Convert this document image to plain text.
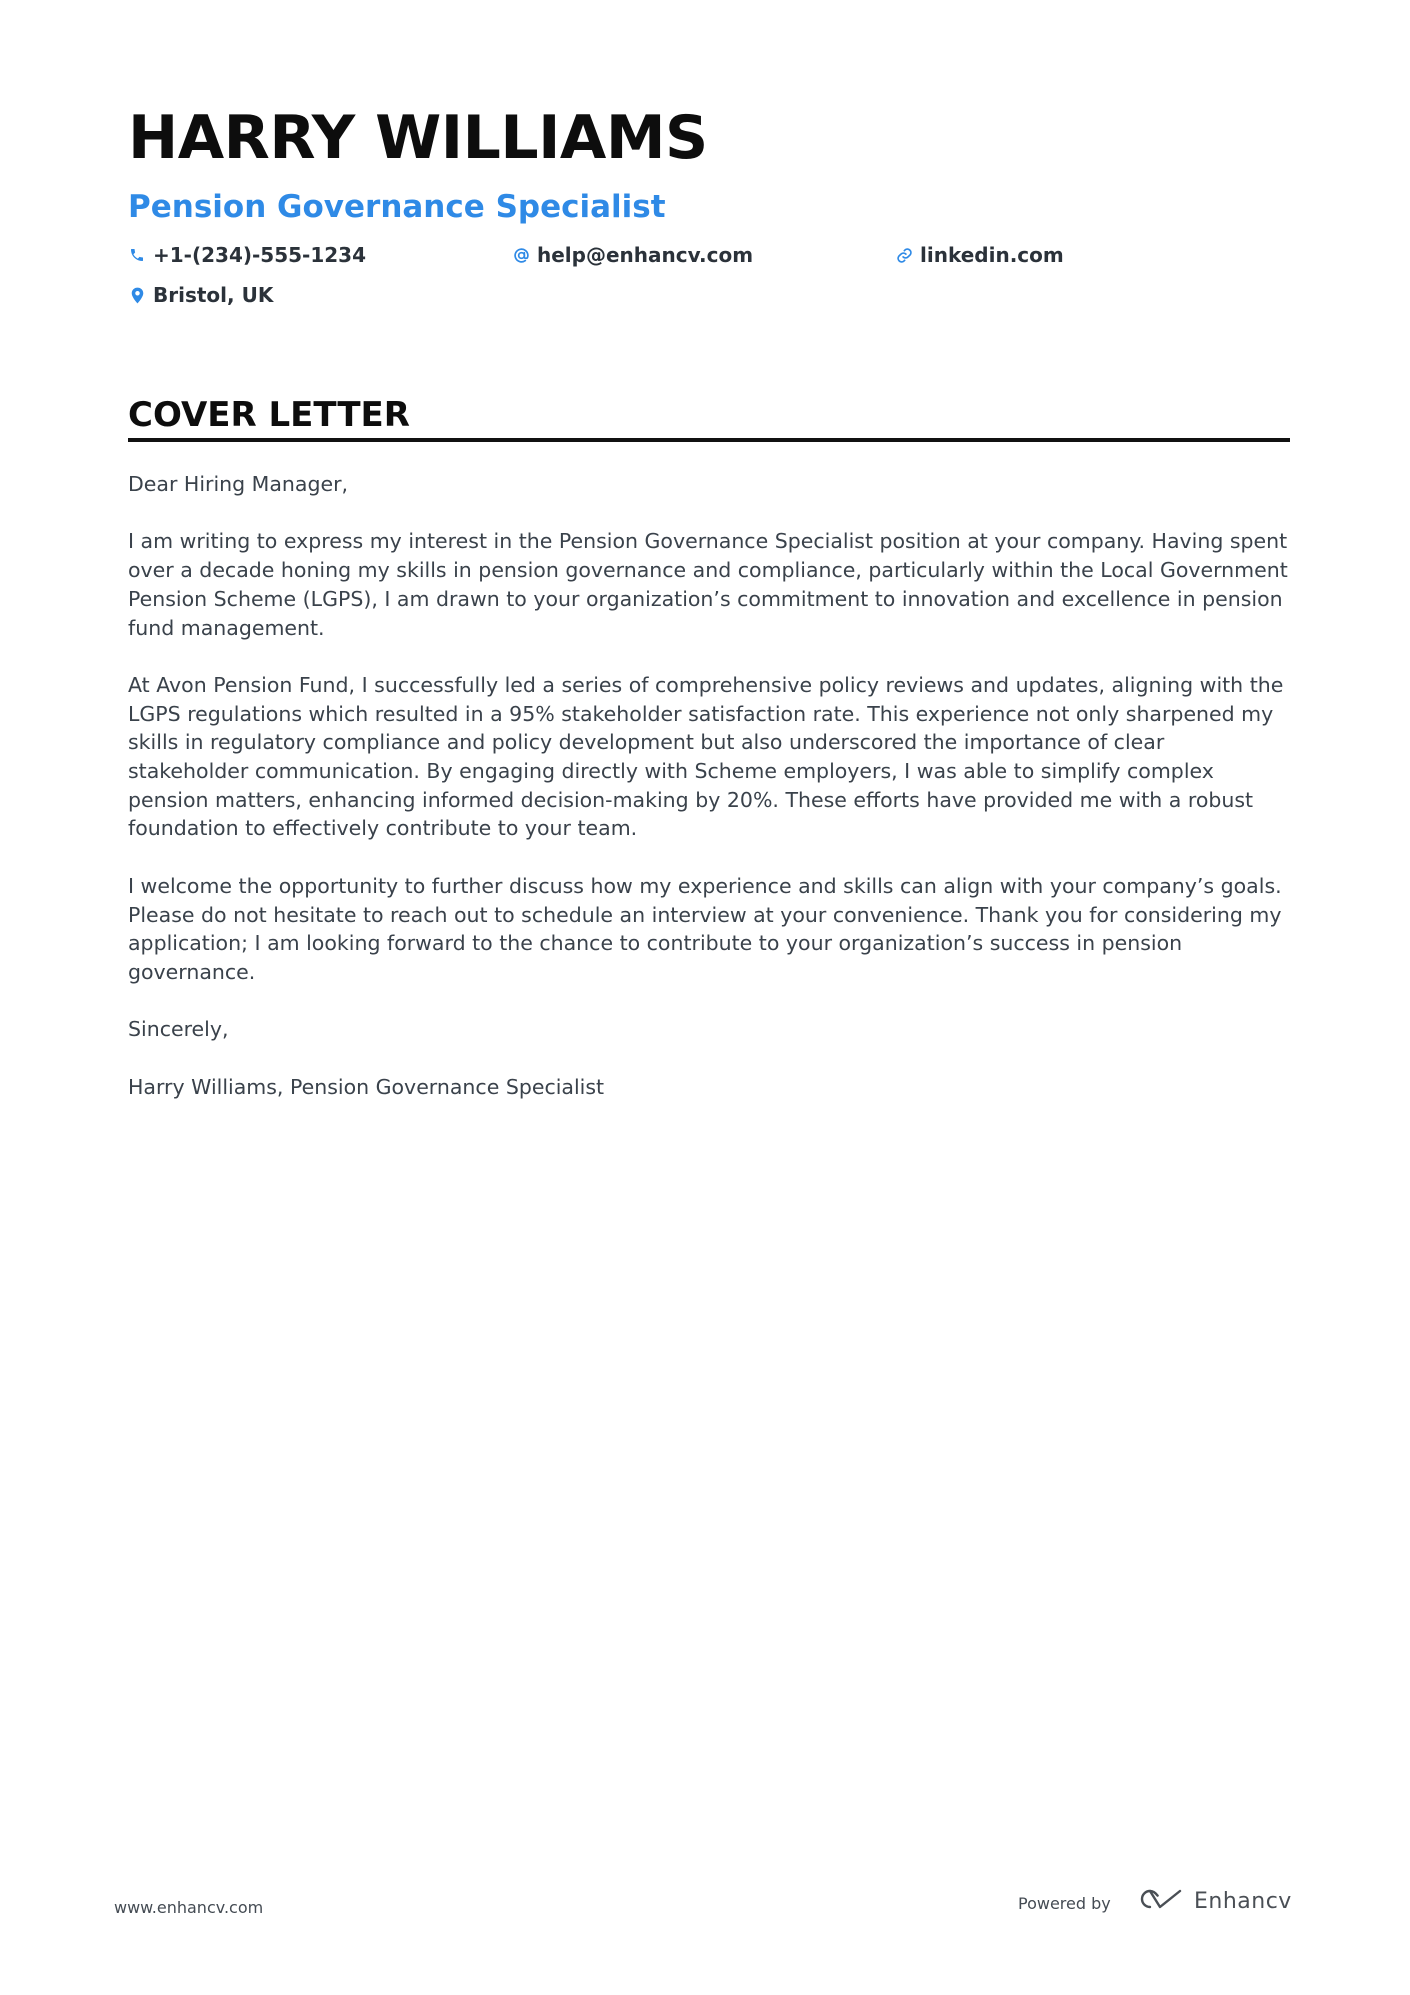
HARRY WILLIAMS
Pension Governance Specialist
+1-(234)-555-1234	help@enhancv.com	linkedin.com
Bristol, UK
COVER LETTER

Dear Hiring Manager,

I am writing to express my interest in the Pension Governance Specialist position at your company. Having spent over a decade honing my skills in pension governance and compliance, particularly within the Local Government Pension Scheme (LGPS), I am drawn to your organization’s commitment to innovation and excellence in pension fund management.

At Avon Pension Fund, I successfully led a series of comprehensive policy reviews and updates, aligning with the LGPS regulations which resulted in a 95% stakeholder satisfaction rate. This experience not only sharpened my skills in regulatory compliance and policy development but also underscored the importance of clear stakeholder communication. By engaging directly with Scheme employers, I was able to simplify complex pension matters, enhancing informed decision-making by 20%. These efforts have provided me with a robust foundation to effectively contribute to your team.

I welcome the opportunity to further discuss how my experience and skills can align with your company’s goals. Please do not hesitate to reach out to schedule an interview at your convenience. Thank you for considering my application; I am looking forward to the chance to contribute to your organization’s success in pension governance.

Sincerely,

Harry Williams, Pension Governance Specialist

www.enhancv.com	Powered by	Enhancv
